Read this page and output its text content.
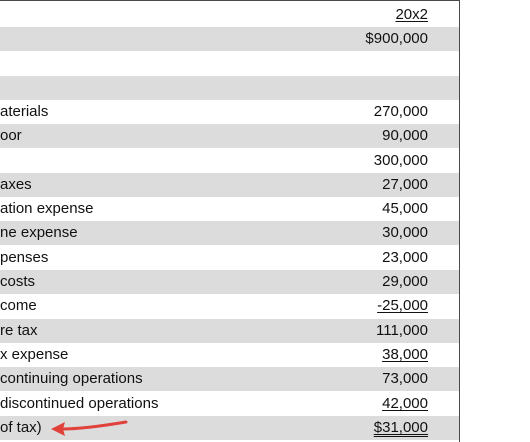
20x2
$900,000
aterials	270,000
oor	90,000
300,000
axes	27,000
ation expense	45,000
ne expense	30,000
penses	23,000
costs	29,000
come	-25,000
re tax	111,000
x expense	38,000
continuing operations	73,000
discontinued operations	42,000
of tax)	$31,000
